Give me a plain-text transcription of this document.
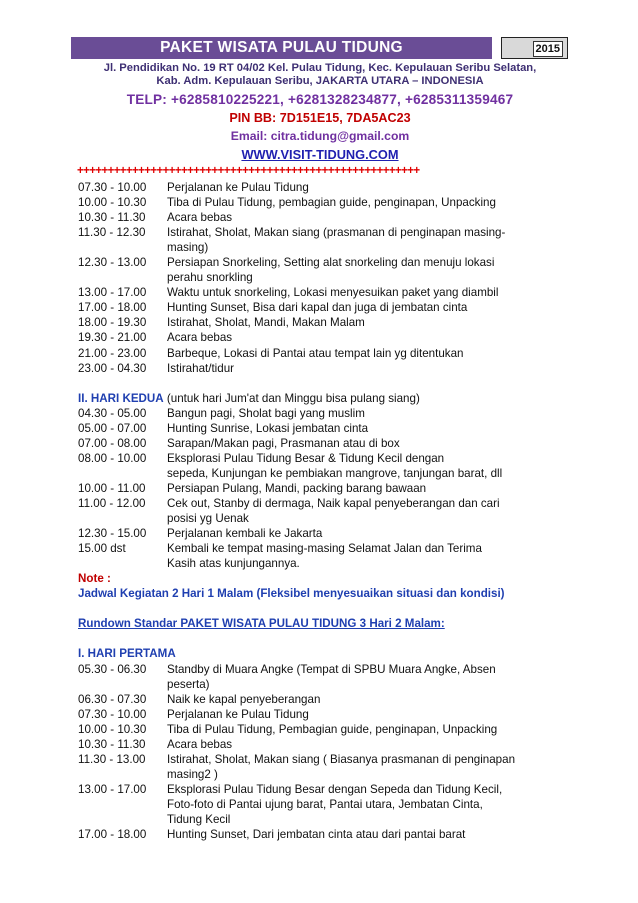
PAKET WISATA PULAU TIDUNG	2015
Jl. Pendidikan No. 19 RT 04/02 Kel. Pulau Tidung, Kec. Kepulauan Seribu Selatan,
Kab. Adm. Kepulauan Seribu, JAKARTA UTARA – INDONESIA
TELP: +6285810225221, +6281328234877, +6285311359467
PIN BB: 7D151E15, 7DA5AC23
Email: citra.tidung@gmail.com
WWW.VISIT-TIDUNG.COM
++++++++++++++++++++++++++++++++++++++++++++++++++++++++
07.30 - 10.00 Perjalanan ke Pulau Tidung
10.00 - 10.30 Tiba di Pulau Tidung, pembagian guide, penginapan, Unpacking
10.30 - 11.30 Acara bebas
11.30 - 12.30 Istirahat, Sholat, Makan siang (prasmanan di penginapan masing-
masing)
12.30 - 13.00 Persiapan Snorkeling, Setting alat snorkeling dan menuju lokasi
perahu snorkling
13.00 - 17.00 Waktu untuk snorkeling, Lokasi menyesuikan paket yang diambil
17.00 - 18.00 Hunting Sunset, Bisa dari kapal dan juga di jembatan cinta
18.00 - 19.30 Istirahat, Sholat, Mandi, Makan Malam
19.30 - 21.00 Acara bebas
21.00 - 23.00 Barbeque, Lokasi di Pantai atau tempat lain yg ditentukan
23.00 - 04.30 Istirahat/tidur
II. HARI KEDUA (untuk hari Jum'at dan Minggu bisa pulang siang)
04.30 - 05.00 Bangun pagi, Sholat bagi yang muslim
05.00 - 07.00 Hunting Sunrise, Lokasi jembatan cinta
07.00 - 08.00 Sarapan/Makan pagi, Prasmanan atau di box
08.00 - 10.00 Eksplorasi Pulau Tidung Besar & Tidung Kecil dengan
sepeda, Kunjungan ke pembiakan mangrove, tanjungan barat, dll
10.00 - 11.00 Persiapan Pulang, Mandi, packing barang bawaan
11.00 - 12.00 Cek out, Stanby di dermaga, Naik kapal penyeberangan dan cari
posisi yg Uenak
12.30 - 15.00 Perjalanan kembali ke Jakarta
15.00 dst	Kembali ke tempat masing-masing Selamat Jalan dan Terima
Kasih atas kunjungannya.
Note :
Jadwal Kegiatan 2 Hari 1 Malam (Fleksibel menyesuaikan situasi dan kondisi)
Rundown Standar PAKET WISATA PULAU TIDUNG 3 Hari 2 Malam:
I. HARI PERTAMA
05.30 - 06.30 Standby di Muara Angke (Tempat di SPBU Muara Angke, Absen
peserta)
06.30 - 07.30 Naik ke kapal penyeberangan
07.30 - 10.00 Perjalanan ke Pulau Tidung
10.00 - 10.30 Tiba di Pulau Tidung, Pembagian guide, penginapan, Unpacking
10.30 - 11.30 Acara bebas
11.30 - 13.00 Istirahat, Sholat, Makan siang ( Biasanya prasmanan di penginapan
masing2 )
13.00 - 17.00 Eksplorasi Pulau Tidung Besar dengan Sepeda dan Tidung Kecil,
Foto-foto di Pantai ujung barat, Pantai utara, Jembatan Cinta,
Tidung Kecil
17.00 - 18.00 Hunting Sunset, Dari jembatan cinta atau dari pantai barat
